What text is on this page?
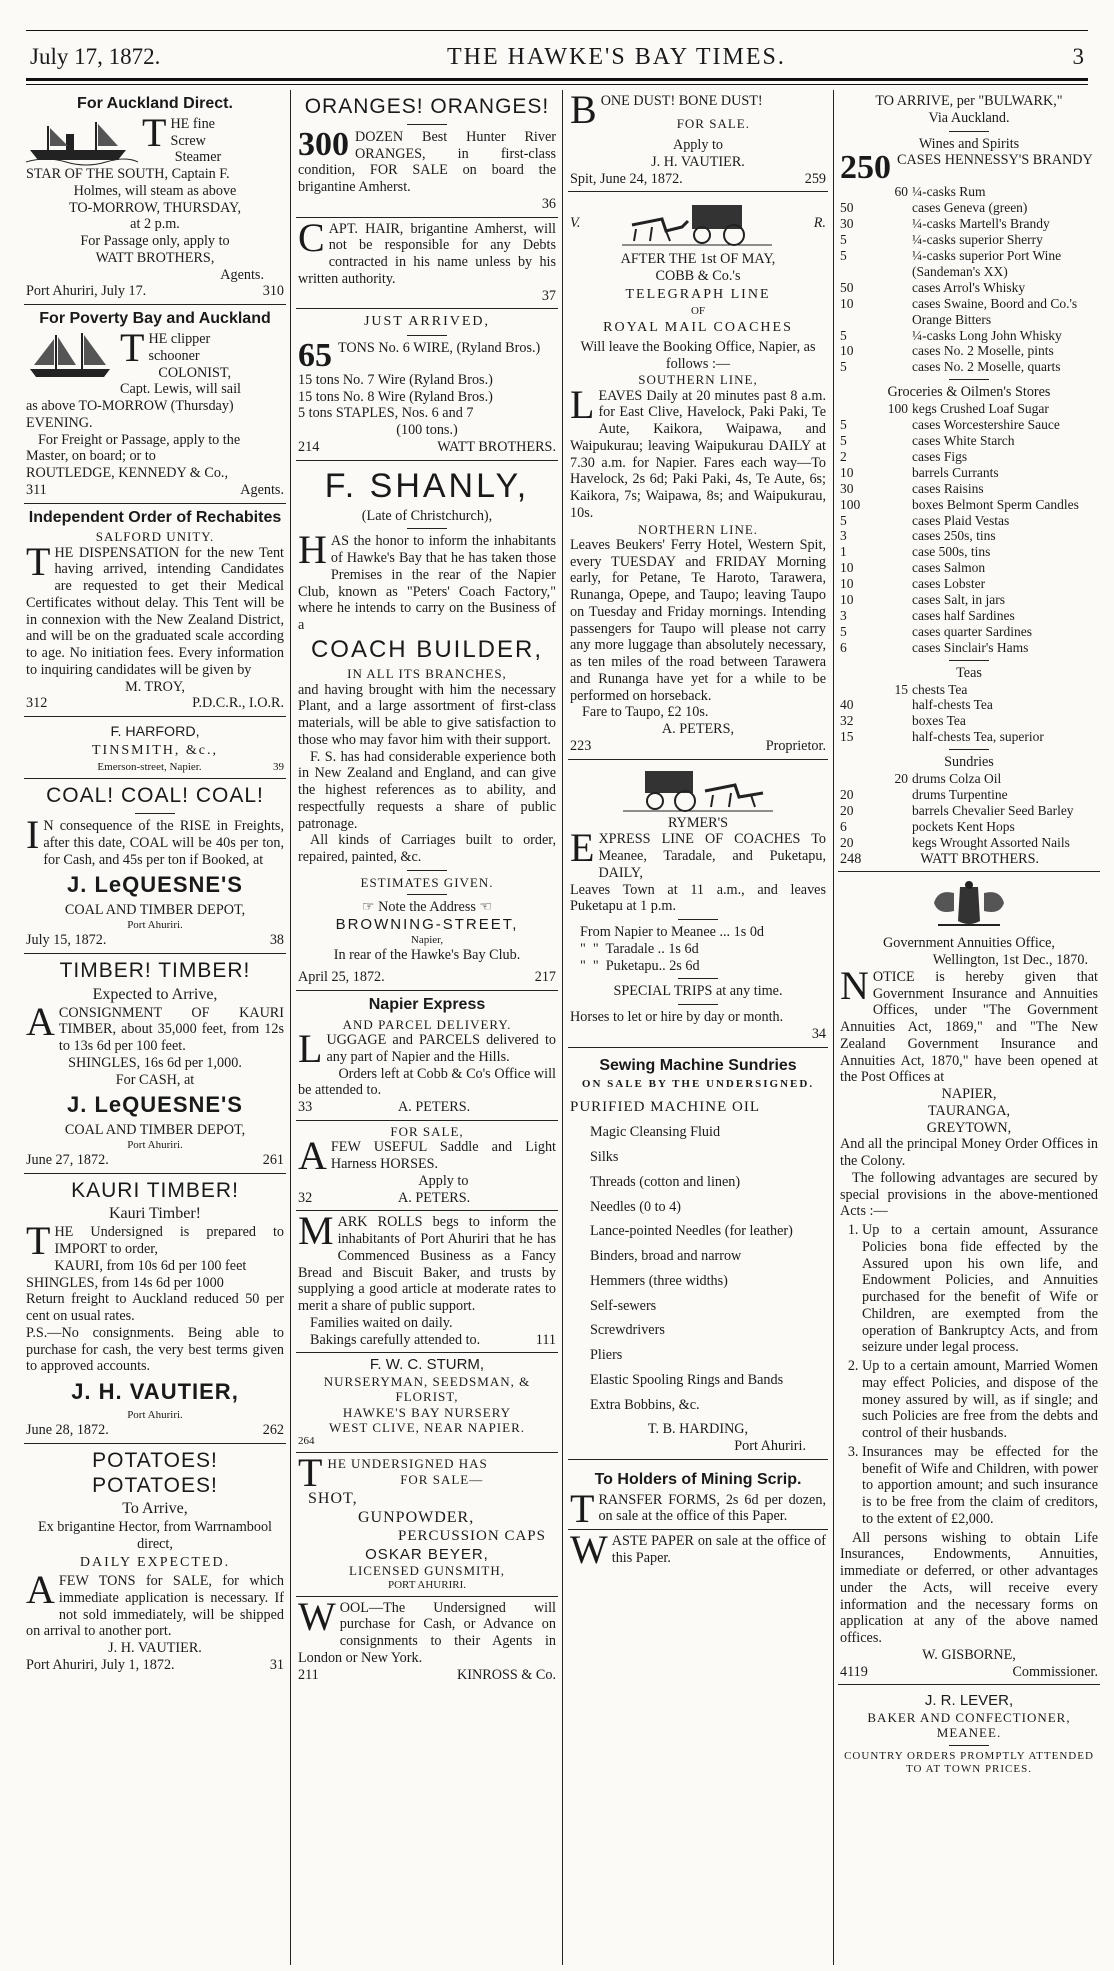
July 17, 1872.	THE HAWKE'S BAY TIMES.	3
For Auckland Direct.
T HE fine Screw

Steamer

STAR OF THE SOUTH, Captain F.

Holmes, will steam as above

TO-MORROW, THURSDAY,

at 2 p.m.

For Passage only, apply to

WATT BROTHERS,

Agents.

Port Ahuriri, July 17.	310
For Poverty Bay and Auckland
T HE clipper schooner

COLONIST,

Capt. Lewis, will sail

as above TO-MORROW (Thursday)

EVENING.

For Freight or Passage, apply to the

Master, on board; or to

ROUTLEDGE, KENNEDY & Co.,

311	Agents.
Independent Order of Rechabites
SALFORD UNITY.

THE DISPENSATION for the new Tent having arrived, intending Candidates are requested to get their Medical Certificates without delay. This Tent will be in connexion with the New Zealand District, and will be on the graduated scale according to age. No initiation fees. Every information to inquiring candidates will be given by

M. TROY,

312	P.D.C.R., I.O.R.

F. HARFORD,

TINSMITH, &c.,

Emerson-street, Napier.	39
COAL! COAL! COAL!

I N consequence of the RISE in Freights, after this date, COAL will be 40s per ton, for Cash, and 45s per ton if Booked, at

J. LeQUESNE'S

COAL AND TIMBER DEPOT,

Port Ahuriri.

July 15, 1872.	38
TIMBER! TIMBER!

Expected to Arrive,

ACONSIGNMENT OF KAURI TIMBER, about 35,000 feet, from 12s to 13s 6d per 100 feet.

SHINGLES, 16s 6d per 1,000.

For CASH, at

J. LeQUESNE'S

COAL AND TIMBER DEPOT,

Port Ahuriri.

June 27, 1872.	261
KAURI TIMBER!

Kauri Timber!

THE Undersigned is prepared to IMPORT to order,

KAURI, from 10s 6d per 100 feet

SHINGLES, from 14s 6d per 1000

Return freight to Auckland reduced 50 per cent on usual rates.

P.S.—No consignments. Being able to purchase for cash, the very best terms given to approved accounts.

J. H. VAUTIER,

Port Ahuriri.

June 28, 1872.	262
POTATOES! POTATOES!

To Arrive,

Ex brigantine Hector, from Warrnambool direct,

DAILY EXPECTED.

AFEW TONS for SALE, for which immediate application is necessary. If not sold immediately, will be shipped on arrival to another port.

J. H. VAUTIER.

Port Ahuriri, July 1, 1872.	31
ORANGES! ORANGES!

300 DOZEN Best Hunter River ORANGES, in first-class condition, FOR SALE on board the brigantine Amherst.

36

CAPT. HAIR, brigantine Amherst, will not be responsible for any Debts contracted in his name unless by his written authority.

37

JUST ARRIVED,

65 TONS No. 6 WIRE, (Ryland Bros.)

15 tons No. 7 Wire (Ryland Bros.)

15 tons No. 8 Wire (Ryland Bros.)

5 tons STAPLES, Nos. 6 and 7

(100 tons.)

214	WATT BROTHERS.
F. SHANLY,

(Late of Christchurch),

HAS the honor to inform the inhabitants of Hawke's Bay that he has taken those Premises in the rear of the Napier Club, known as "Peters' Coach Factory," where he intends to carry on the Business of a

COACH BUILDER,

IN ALL ITS BRANCHES,

and having brought with him the necessary Plant, and a large assortment of first-class materials, will be able to give satisfaction to those who may favor him with their support.

F. S. has had considerable experience both in New Zealand and England, and can give the highest references as to ability, and respectfully requests a share of public patronage.

All kinds of Carriages built to order, repaired, painted, &c.

ESTIMATES GIVEN.

☞ Note the Address ☜

BROWNING-STREET,

Napier,

In rear of the Hawke's Bay Club.

April 25, 1872.	217
Napier Express

AND PARCEL DELIVERY.

LUGGAGE and PARCELS delivered to any part of Napier and the Hills.

Orders left at Cobb & Co's Office will be attended to.

33	A. PETERS.

FOR SALE,

AFEW USEFUL Saddle and Light Harness HORSES.

Apply to

32	A. PETERS.

MARK ROLLS begs to inform the inhabitants of Port Ahuriri that he has Commenced Business as a Fancy Bread and Biscuit Baker, and trusts by supplying a good article at moderate rates to merit a share of public support.

Families waited on daily.

Bakings carefully attended to.	111

F. W. C. STURM,

NURSERYMAN, SEEDSMAN, & FLORIST,

HAWKE'S BAY NURSERY

WEST CLIVE, NEAR NAPIER.

264

THE UNDERSIGNED HAS

FOR SALE—

SHOT,

GUNPOWDER,

PERCUSSION CAPS

OSKAR BEYER,

LICENSED GUNSMITH,

PORT AHURIRI.

WOOL—The Undersigned will purchase for Cash, or Advance on consignments to their Agents in London or New York.

211	KINROSS & Co.

BONE DUST! BONE DUST!

FOR SALE.

Apply to

J. H. VAUTIER.

Spit, June 24, 1872.	259
V.	R.

AFTER THE 1st OF MAY,

COBB & Co.'s

TELEGRAPH LINE

OF

ROYAL MAIL COACHES

Will leave the Booking Office, Napier, as follows :—

SOUTHERN LINE,

LEAVES Daily at 20 minutes past 8 a.m. for East Clive, Havelock, Paki Paki, Te Aute, Kaikora, Waipawa, and Waipukurau; leaving Waipukurau DAILY at 7.30 a.m. for Napier. Fares each way—To Havelock, 2s 6d; Paki Paki, 4s, Te Aute, 6s; Kaikora, 7s; Waipawa, 8s; and Waipukurau, 10s.

NORTHERN LINE.

Leaves Beukers' Ferry Hotel, Western Spit, every TUESDAY and FRIDAY Morning early, for Petane, Te Haroto, Tarawera, Runanga, Opepe, and Taupo; leaving Taupo on Tuesday and Friday mornings. Intending passengers for Taupo will please not carry any more luggage than absolutely necessary, as ten miles of the road between Tarawera and Runanga have yet for a while to be performed on horseback.

Fare to Taupo, £2 10s.

A. PETERS,

223	Proprietor.

RYMER'S

EXPRESS LINE OF COACHES To Meanee, Taradale, and Puketapu, DAILY,

Leaves Town at 11 a.m., and leaves Puketapu at 1 p.m.

From Napier to Meanee ... 1s 0d

"  "  Taradale .. 1s 6d

"  "  Puketapu.. 2s 6d

SPECIAL TRIPS at any time.

Horses to let or hire by day or month.

34

Sewing Machine Sundries

ON SALE BY THE UNDERSIGNED.

PURIFIED MACHINE OIL

Magic Cleansing Fluid

Silks

Threads (cotton and linen)

Needles (0 to 4)

Lance-pointed Needles (for leather)

Binders, broad and narrow

Hemmers (three widths)

Self-sewers

Screwdrivers

Pliers

Elastic Spooling Rings and Bands

Extra Bobbins, &c.

T. B. HARDING,

Port Ahuriri.

To Holders of Mining Scrip.

TRANSFER FORMS, 2s 6d per dozen, on sale at the office of this Paper.

WASTE PAPER on sale at the office of this Paper.

TO ARRIVE, per "BULWARK,"

Via Auckland.

Wines and Spirits

250 CASES HENNESSY'S BRANDY

60 ¼-casks Rum
50	cases Geneva (green)
30	¼-casks Martell's Brandy
5	¼-casks superior Sherry
5	¼-casks superior Port Wine (Sandeman's XX)
50	cases Arrol's Whisky
10	cases Swaine, Boord and Co.'s Orange Bitters
5	¼-casks Long John Whisky
10	cases No. 2 Moselle, pints
5	cases No. 2 Moselle, quarts

Groceries & Oilmen's Stores

100 kegs Crushed Loaf Sugar
5	cases Worcestershire Sauce
5	cases White Starch
2	cases Figs
10	barrels Currants
30	cases Raisins
100	boxes Belmont Sperm Candles
5	cases Plaid Vestas
3	cases 250s, tins
1	case 500s, tins
10	cases Salmon
10	cases Lobster
10	cases Salt, in jars
3	cases half Sardines
5	cases quarter Sardines
6	cases Sinclair's Hams

Teas

15 chests Tea
40	half-chests Tea
32	boxes Tea
15	half-chests Tea, superior

Sundries

20 drums Colza Oil
20	drums Turpentine
20	barrels Chevalier Seed Barley
6	pockets Kent Hops
20	kegs Wrought Assorted Nails
248	WATT BROTHERS.

Government Annuities Office,

Wellington, 1st Dec., 1870.

NOTICE is hereby given that Government Insurance and Annuities Offices, under "The Government Annuities Act, 1869," and "The New Zealand Government Insurance and Annuities Act, 1870," have been opened at the Post Offices at

NAPIER,

TAURANGA,

GREYTOWN,

And all the principal Money Order Offices in the Colony.

The following advantages are secured by special provisions in the above-mentioned Acts :—

1. Up to a certain amount, Assurance Policies bona fide effected by the Assured upon his own life, and Endowment Policies, and Annuities purchased for the benefit of Wife or Children, are exempted from the operation of Bankruptcy Acts, and from seizure under legal process.
2. Up to a certain amount, Married Women may effect Policies, and dispose of the money assured by will, as if single; and such Policies are free from the debts and control of their husbands.
3. Insurances may be effected for the benefit of Wife and Children, with power to apportion amount; and such insurance is to be free from the claim of creditors, to the extent of £2,000.

All persons wishing to obtain Life Insurances, Endowments, Annuities, immediate or deferred, or other advantages under the Acts, will receive every information and the necessary forms on application at any of the above named offices.

W. GISBORNE,

4119	Commissioner.

J. R. LEVER,

BAKER AND CONFECTIONER,

MEANEE.

COUNTRY ORDERS PROMPTLY ATTENDED TO AT TOWN PRICES.
